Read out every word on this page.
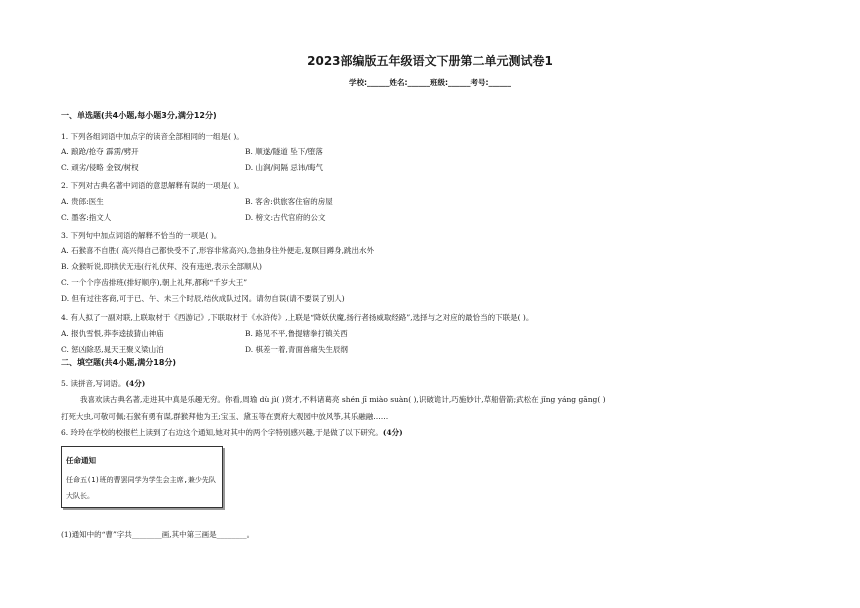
2023部编版五年级语文下册第二单元测试卷1
学校:______姓名:______班级:______考号:______
一、单选题(共4小题,每小题3分,满分12分)
1. 下列各组词语中加点字的读音全部相同的一组是( )。
A. 踉跄/抢夺 霹雳/劈开	B. 顺遂/隧道 坠下/堕落
C. 顽劣/侵略 金钗/树杈	D. 山涧/间隔 忌讳/晦气
2. 下列对古典名著中词语的意思解释有误的一项是( )。
A. 贵郎:医生	B. 客舍:供旅客住宿的房屋
C. 墨客:指文人	D. 榜文:古代官府的公文
3. 下列句中加点词语的解释不恰当的一项是( )。
A. 石猴喜不自胜( 高兴得自己都快受不了,形容非常高兴),急抽身往外便走,复瞑目蹲身,跳出水外
B. 众猴听说,即拱伏无违(行礼伏拜、没有违逆,表示全部顺从)
C. 一个个序齿排班(排好顺序),朝上礼拜,都称“千岁大王”
D. 但有过往客商,可于已、午、未三个时辰,结伙成队过冈。请勿自误(请不要误了别人)
4. 有人拟了一副对联,上联取材于《西游记》,下联取材于《水浒传》,上联是“降妖伏魔,扬行者扬威取经路”,选择与之对应的最恰当的下联是( )。
A. 报仇雪恨,莽李逵拔猜山神庙	B. 路见不平,鲁提辖拳打镇关西
C. 惩凶除恶,晁天王聚义梁山泊	D. 棋差一着,青面兽痛失生辰纲
二、填空题(共4小题,满分18分)
5. 读拼音,写词语。(4分)
我喜欢读古典名著,走进其中真是乐趣无穷。你看,周瑜 dù jì( )贤才,不料诸葛亮 shén jī miào suàn( ),识破诡计,巧施妙计,草船借箭;武松在 jǐng yáng gāng( )
打死大虫,可敬可佩;石猴有勇有谋,群猴拜他为王;宝玉、黛玉等在贾府大观园中放风筝,其乐融融……
6. 玲玲在学校的校报栏上读到了右边这个通知,她对其中的两个字特别感兴趣,于是做了以下研究。(4分)
任命通知
任命五(1)班的曹罢同学为学生会主席,兼少先队大队长。
(1)通知中的“曹”字共________画,其中第三画是________。
